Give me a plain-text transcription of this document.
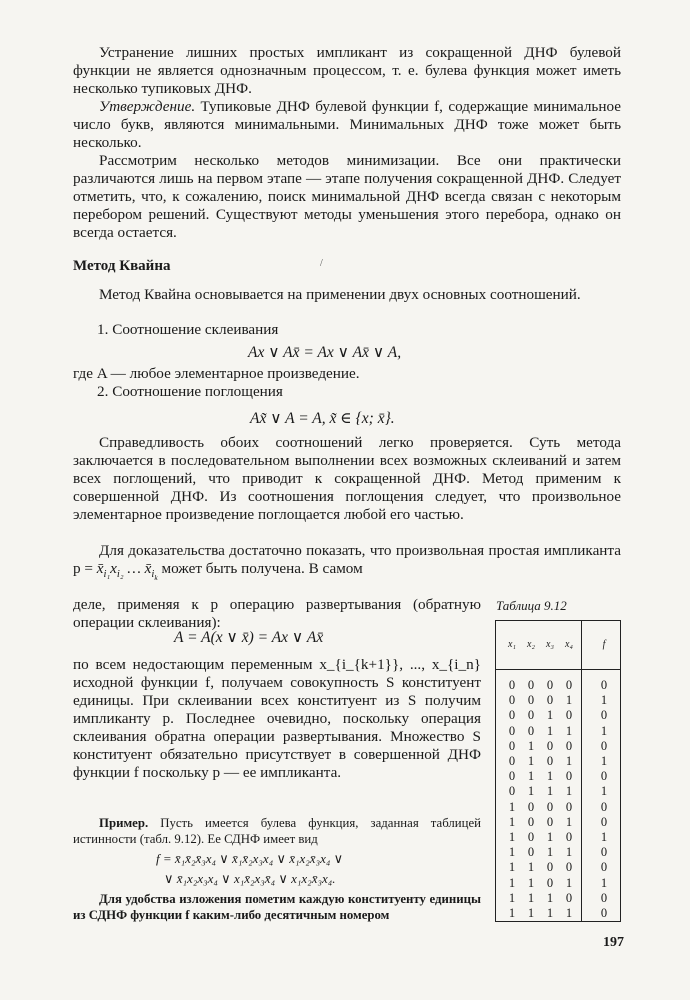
Устранение лишних простых импликант из сокращенной ДНФ булевой функции не является однозначным процессом, т. е. булева функция может иметь несколько тупиковых ДНФ.

Утверждение. Тупиковые ДНФ булевой функции f, содержащие минимальное число букв, являются минимальными. Минимальных ДНФ тоже может быть несколько.

Рассмотрим несколько методов минимизации. Все они практически различаются лишь на первом этапе — этапе получения сокращенной ДНФ. Следует отметить, что, к сожалению, поиск минимальной ДНФ всегда связан с некоторым перебором решений. Существуют методы уменьшения этого перебора, однако он всегда остается.

Метод Квайна

Метод Квайна основывается на применении двух основных соотношений.

1. Соотношение склеивания

Ax ∨ Ax̄ = Ax ∨ Ax̄ ∨ A,

где A — любое элементарное произведение.

2. Соотношение поглощения

Ax̃ ∨ A = A, x̃ ∈ {x; x̄}.

Справедливость обоих соотношений легко проверяется. Суть метода заключается в последовательном выполнении всех возможных склеиваний и затем всех поглощений, что приводит к сокращенной ДНФ. Метод применим к совершенной ДНФ. Из соотношения поглощения следует, что произвольное элементарное произведение поглощается любой его частью.

Для доказательства достаточно показать, что произвольная простая импликанта $p = x̄_{i_1}x_{i_2}$ … $x̄_{i_k}$ может быть получена. В самом

деле, применяя к p операцию развертывания (обратную операции склеивания):

A = A(x ∨ x̄) = Ax ∨ Ax̄

по всем недостающим переменным x_{i_{k+1}}, ..., x_{i_n} исходной функции f, получаем совокупность S конституент единицы. При склеивании всех конституент из S получим импликанту p. Последнее очевидно, поскольку операция склеивания обратна операции развертывания. Множество S конституент обязательно присутствует в совершенной ДНФ функции f поскольку p — ее импликанта.

Пример. Пусть имеется булева функция, заданная таблицей истинности (табл. 9.12). Ее СДНФ имеет вид

f = x̄₁x̄₂x̄₃x₄ ∨ x̄₁x̄₂x₃x₄ ∨ x̄₁x₂x̄₃x₄ ∨

∨ x̄₁x₂x₃x₄ ∨ x₁x̄₂x₃x̄₄ ∨ x₁x₂x̄₃x₄.

Для удобства изложения пометим каждую конституенту единицы из СДНФ функции f каким-либо десятичным номером

Таблица 9.12

x₁	x₂	x₃	x₄	f
0	0	0	0	0
0	0	0	1	1
0	0	1	0	0
0	0	1	1	1
0	1	0	0	0
0	1	0	1	1
0	1	1	0	0
0	1	1	1	1
1	0	0	0	0
1	0	0	1	0
1	0	1	0	1
1	0	1	1	0
1	1	0	0	0
1	1	0	1	1
1	1	1	0	0
1	1	1	1	0

197

/
